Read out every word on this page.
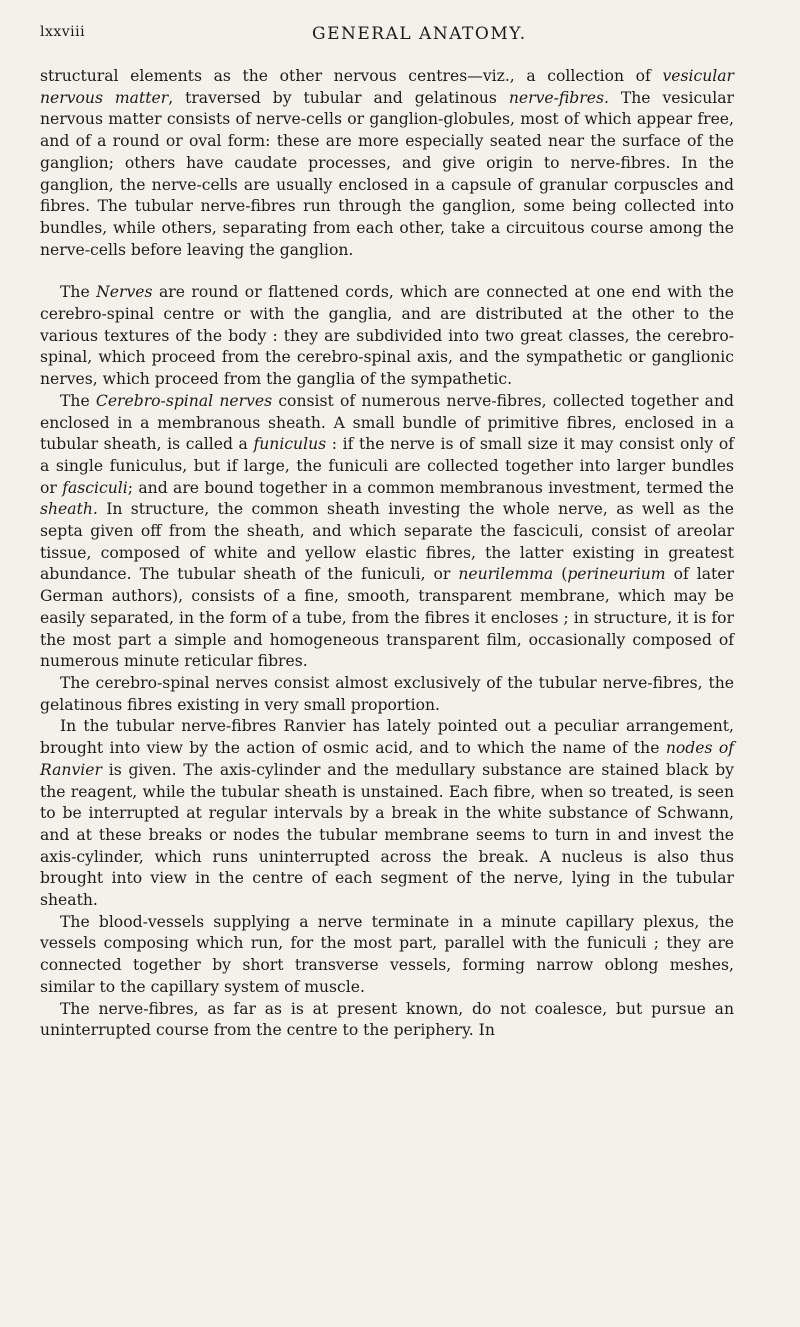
lxxviii	GENERAL ANATOMY.

structural elements as the other nervous centres—viz., a collection of vesicular nervous matter, traversed by tubular and gelatinous nerve-fibres. The vesicular nervous matter consists of nerve-cells or ganglion-globules, most of which appear free, and of a round or oval form: these are more especially seated near the surface of the ganglion; others have caudate processes, and give origin to nerve-fibres. In the ganglion, the nerve-cells are usually enclosed in a capsule of granular corpuscles and fibres. The tubular nerve-fibres run through the ganglion, some being collected into bundles, while others, separating from each other, take a circuitous course among the nerve-cells before leaving the ganglion.

The Nerves are round or flattened cords, which are connected at one end with the cerebro-spinal centre or with the ganglia, and are distributed at the other to the various textures of the body : they are subdivided into two great classes, the cerebro-spinal, which proceed from the cerebro-spinal axis, and the sympathetic or ganglionic nerves, which proceed from the ganglia of the sympathetic.

The Cerebro-spinal nerves consist of numerous nerve-fibres, collected together and enclosed in a membranous sheath. A small bundle of primitive fibres, enclosed in a tubular sheath, is called a funiculus : if the nerve is of small size it may consist only of a single funiculus, but if large, the funiculi are collected together into larger bundles or fasciculi; and are bound together in a common membranous investment, termed the sheath. In structure, the common sheath investing the whole nerve, as well as the septa given off from the sheath, and which separate the fasciculi, consist of areolar tissue, composed of white and yellow elastic fibres, the latter existing in greatest abundance. The tubular sheath of the funiculi, or neurilemma (perineurium of later German authors), consists of a fine, smooth, transparent membrane, which may be easily separated, in the form of a tube, from the fibres it encloses ; in structure, it is for the most part a simple and homogeneous transparent film, occasionally composed of numerous minute reticular fibres.

The cerebro-spinal nerves consist almost exclusively of the tubular nerve-fibres, the gelatinous fibres existing in very small proportion.

In the tubular nerve-fibres Ranvier has lately pointed out a peculiar arrangement, brought into view by the action of osmic acid, and to which the name of the nodes of Ranvier is given. The axis-cylinder and the medullary substance are stained black by the reagent, while the tubular sheath is unstained. Each fibre, when so treated, is seen to be interrupted at regular intervals by a break in the white substance of Schwann, and at these breaks or nodes the tubular membrane seems to turn in and invest the axis-cylinder, which runs uninterrupted across the break. A nucleus is also thus brought into view in the centre of each segment of the nerve, lying in the tubular sheath.

The blood-vessels supplying a nerve terminate in a minute capillary plexus, the vessels composing which run, for the most part, parallel with the funiculi ; they are connected together by short transverse vessels, forming narrow oblong meshes, similar to the capillary system of muscle.

The nerve-fibres, as far as is at present known, do not coalesce, but pursue an uninterrupted course from the centre to the periphery. In
